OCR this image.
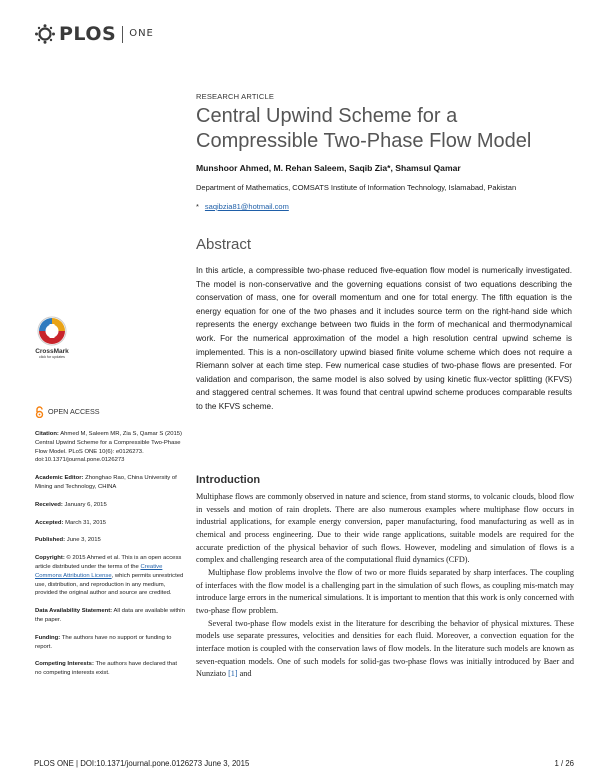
PLOS ONE
RESEARCH ARTICLE
Central Upwind Scheme for a Compressible Two-Phase Flow Model
Munshoor Ahmed, M. Rehan Saleem, Saqib Zia*, Shamsul Qamar
Department of Mathematics, COMSATS Institute of Information Technology, Islamabad, Pakistan
* saqibzia81@hotmail.com
Abstract
In this article, a compressible two-phase reduced five-equation flow model is numerically investigated. The model is non-conservative and the governing equations consist of two equations describing the conservation of mass, one for overall momentum and one for total energy. The fifth equation is the energy equation for one of the two phases and it includes source term on the right-hand side which represents the energy exchange between two fluids in the form of mechanical and thermodynamical work. For the numerical approximation of the model a high resolution central upwind scheme is implemented. This is a non-oscillatory upwind biased finite volume scheme which does not require a Riemann solver at each time step. Few numerical case studies of two-phase flows are presented. For validation and comparison, the same model is also solved by using kinetic flux-vector splitting (KFVS) and staggered central schemes. It was found that central upwind scheme produces comparable results to the KFVS scheme.
CrossMark
click for updates
OPEN ACCESS
Citation: Ahmed M, Saleem MR, Zia S, Qamar S (2015) Central Upwind Scheme for a Compressible Two-Phase Flow Model. PLoS ONE 10(6): e0126273. doi:10.1371/journal.pone.0126273
Academic Editor: Zhonghao Rao, China University of Mining and Technology, CHINA
Received: January 6, 2015
Accepted: March 31, 2015
Published: June 3, 2015
Copyright: © 2015 Ahmed et al. This is an open access article distributed under the terms of the Creative Commons Attribution License, which permits unrestricted use, distribution, and reproduction in any medium, provided the original author and source are credited.
Data Availability Statement: All data are available within the paper.
Funding: The authors have no support or funding to report.
Competing Interests: The authors have declared that no competing interests exist.
Introduction

Multiphase flows are commonly observed in nature and science, from stand storms, to volcanic clouds, blood flow in vessels and motion of rain droplets. There are also numerous examples where multiphase flow occurs in industrial applications, for example energy conversion, paper manufacturing, food manufacturing as well as in chemical and process engineering. Due to their wide range applications, suitable models are required for the accurate prediction of the physical behavior of such flows. However, modeling and simulation of flows is a complex and challenging research area of the computational fluid dynamics (CFD).

Multiphase flow problems involve the flow of two or more fluids separated by sharp interfaces. The coupling of interfaces with the flow model is a challenging part in the simulation of such flows, as coupling mis-match may introduce large errors in the numerical simulations. It is important to mention that this work is only concerned with two-phase flow problem.

Several two-phase flow models exist in the literature for describing the behavior of physical mixtures. These models use separate pressures, velocities and densities for each fluid. Moreover, a convection equation for the interface motion is coupled with the conservation laws of flow models. In the literature such models are known as seven-equation models. One of such models for solid-gas two-phase flows was initially introduced by Baer and Nunziato [1] and

PLOS ONE | DOI:10.1371/journal.pone.0126273 June 3, 2015	1 / 26
